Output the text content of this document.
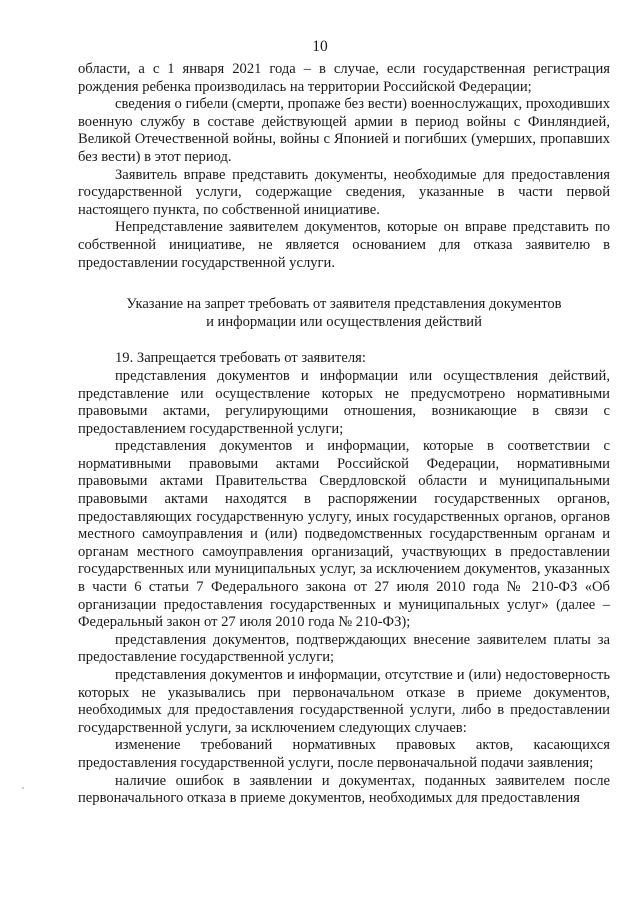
10

области, а с 1 января 2021 года – в случае, если государственная регистрация рождения ребенка производилась на территории Российской Федерации;

сведения о гибели (смерти, пропаже без вести) военнослужащих, проходивших военную службу в составе действующей армии в период войны с Финляндией, Великой Отечественной войны, войны с Японией и погибших (умерших, пропавших без вести) в этот период.

Заявитель вправе представить документы, необходимые для предоставления государственной услуги, содержащие сведения, указанные в части первой настоящего пункта, по собственной инициативе.

Непредставление заявителем документов, которые он вправе представить по собственной инициативе, не является основанием для отказа заявителю в предоставлении государственной услуги.

Указание на запрет требовать от заявителя представления документов
и информации или осуществления действий

19. Запрещается требовать от заявителя:

представления документов и информации или осуществления действий, представление или осуществление которых не предусмотрено нормативными правовыми актами, регулирующими отношения, возникающие в связи с предоставлением государственной услуги;

представления документов и информации, которые в соответствии с нормативными правовыми актами Российской Федерации, нормативными правовыми актами Правительства Свердловской области и муниципальными правовыми актами находятся в распоряжении государственных органов, предоставляющих государственную услугу, иных государственных органов, органов местного самоуправления и (или) подведомственных государственным органам и органам местного самоуправления организаций, участвующих в предоставлении государственных или муниципальных услуг, за исключением документов, указанных в части 6 статьи 7 Федерального закона от 27 июля 2010 года № 210-ФЗ «Об организации предоставления государственных и муниципальных услуг» (далее – Федеральный закон от 27 июля 2010 года № 210-ФЗ);

представления документов, подтверждающих внесение заявителем платы за предоставление государственной услуги;

представления документов и информации, отсутствие и (или) недостоверность которых не указывались при первоначальном отказе в приеме документов, необходимых для предоставления государственной услуги, либо в предоставлении государственной услуги, за исключением следующих случаев:

изменение требований нормативных правовых актов, касающихся предоставления государственной услуги, после первоначальной подачи заявления;

наличие ошибок в заявлении и документах, поданных заявителем после первоначального отказа в приеме документов, необходимых для предоставления
